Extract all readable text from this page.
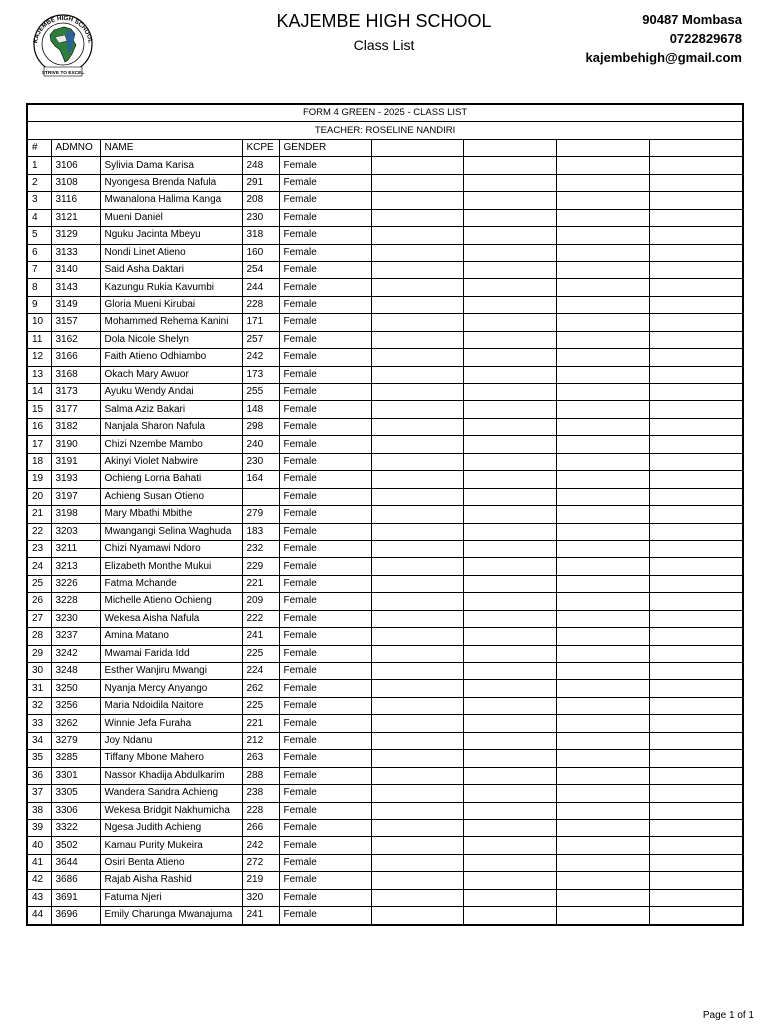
KAJEMBE HIGH SCHOOL
STRIVE TO EXCEL
KAJEMBE HIGH SCHOOL
Class List
90487 Mombasa
0722829678
kajembehigh@gmail.com
FORM 4 GREEN - 2025 - CLASS LIST								
TEACHER: ROSELINE NANDIRI								
#	ADMNO	NAME	KCPE	GENDER				
1	3106	Sylivia Dama Karisa	248	Female				
2	3108	Nyongesa Brenda Nafula	291	Female				
3	3116	Mwanalona Halima Kanga	208	Female				
4	3121	Mueni Daniel	230	Female				
5	3129	Nguku Jacinta Mbeyu	318	Female				
6	3133	Nondi Linet Atieno	160	Female				
7	3140	Said Asha Daktari	254	Female				
8	3143	Kazungu Rukia Kavumbi	244	Female				
9	3149	Gloria Mueni Kirubai	228	Female				
10	3157	Mohammed Rehema Kanini	171	Female				
11	3162	Dola Nicole Shelyn	257	Female				
12	3166	Faith Atieno Odhiambo	242	Female				
13	3168	Okach Mary Awuor	173	Female				
14	3173	Ayuku Wendy Andai	255	Female				
15	3177	Salma Aziz Bakari	148	Female				
16	3182	Nanjala Sharon Nafula	298	Female				
17	3190	Chizi Nzembe Mambo	240	Female				
18	3191	Akinyi Violet Nabwire	230	Female				
19	3193	Ochieng Lorna Bahati	164	Female				
20	3197	Achieng Susan Otieno		Female				
21	3198	Mary Mbathi Mbithe	279	Female				
22	3203	Mwangangi Selina Waghuda	183	Female				
23	3211	Chizi Nyamawi Ndoro	232	Female				
24	3213	Elizabeth Monthe Mukui	229	Female				
25	3226	Fatma Mchande	221	Female				
26	3228	Michelle Atieno Ochieng	209	Female				
27	3230	Wekesa Aisha Nafula	222	Female				
28	3237	Amina Matano	241	Female				
29	3242	Mwamai Farida Idd	225	Female				
30	3248	Esther Wanjiru Mwangi	224	Female				
31	3250	Nyanja Mercy Anyango	262	Female				
32	3256	Maria Ndoidila Naitore	225	Female				
33	3262	Winnie Jefa Furaha	221	Female				
34	3279	Joy Ndanu	212	Female				
35	3285	Tiffany Mbone Mahero	263	Female				
36	3301	Nassor Khadija Abdulkarim	288	Female				
37	3305	Wandera Sandra Achieng	238	Female				
38	3306	Wekesa Bridgit Nakhumicha	228	Female				
39	3322	Ngesa Judith Achieng	266	Female				
40	3502	Kamau Purity Mukeira	242	Female				
41	3644	Osiri Benta Atieno	272	Female				
42	3686	Rajab Aisha Rashid	219	Female				
43	3691	Fatuma Njeri	320	Female				
44	3696	Emily Charunga Mwanajuma	241	Female				
Page 1 of 1
